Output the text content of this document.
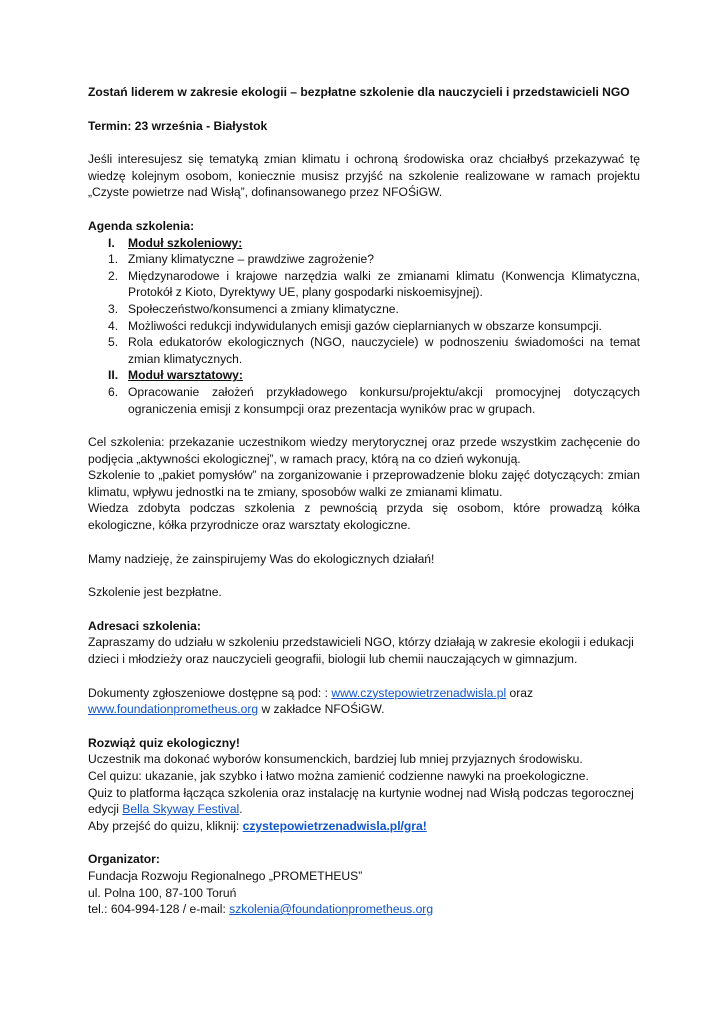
Zostań liderem w zakresie ekologii – bezpłatne szkolenie dla nauczycieli i przedstawicieli NGO

Termin: 23 września - Białystok

Jeśli interesujesz się tematyką zmian klimatu i ochroną środowiska oraz chciałbyś przekazywać tę wiedzę kolejnym osobom, koniecznie musisz przyjść na szkolenie realizowane w ramach projektu „Czyste powietrze nad Wisłą”, dofinansowanego przez NFOŚiGW.

Agenda szkolenia:

I.	Moduł szkoleniowy:
1. Zmiany klimatyczne – prawdziwe zagrożenie?
2. Międzynarodowe i krajowe narzędzia walki ze zmianami klimatu (Konwencja Klimatyczna, Protokół z Kioto, Dyrektywy UE, plany gospodarki niskoemisyjnej).
3. Społeczeństwo/konsumenci a zmiany klimatyczne.
4. Możliwości redukcji indywidulanych emisji gazów cieplarnianych w obszarze konsumpcji.
5. Rola edukatorów ekologicznych (NGO, nauczyciele) w podnoszeniu świadomości na temat zmian klimatycznych.
II. Moduł warsztatowy:
6. Opracowanie założeń przykładowego konkursu/projektu/akcji promocyjnej dotyczących ograniczenia emisji z konsumpcji oraz prezentacja wyników prac w grupach.

Cel szkolenia: przekazanie uczestnikom wiedzy merytorycznej oraz przede wszystkim zachęcenie do podjęcia „aktywności ekologicznej”, w ramach pracy, którą na co dzień wykonują.

Szkolenie to „pakiet pomysłów” na zorganizowanie i przeprowadzenie bloku zajęć dotyczących: zmian klimatu, wpływu jednostki na te zmiany, sposobów walki ze zmianami klimatu.

Wiedza zdobyta podczas szkolenia z pewnością przyda się osobom, które prowadzą kółka ekologiczne, kółka przyrodnicze oraz warsztaty ekologiczne.

Mamy nadzieję, że zainspirujemy Was do ekologicznych działań!

Szkolenie jest bezpłatne.

Adresaci szkolenia:

Zapraszamy do udziału w szkoleniu przedstawicieli NGO, którzy działają w zakresie ekologii i edukacji dzieci i młodzieży oraz nauczycieli geografii, biologii lub chemii nauczających w gimnazjum.

Dokumenty zgłoszeniowe dostępne są pod: : www.czystepowietrzenadwisla.pl oraz
www.foundationprometheus.org w zakładce NFOŚiGW.

Rozwiąż quiz ekologiczny!

Uczestnik ma dokonać wyborów konsumenckich, bardziej lub mniej przyjaznych środowisku.

Cel quizu: ukazanie, jak szybko i łatwo można zamienić codzienne nawyki na proekologiczne.

Quiz to platforma łącząca szkolenia oraz instalację na kurtynie wodnej nad Wisłą podczas tegorocznej edycji Bella Skyway Festival.

Aby przejść do quizu, kliknij: czystepowietrzenadwisla.pl/gra!

Organizator:

Fundacja Rozwoju Regionalnego „PROMETHEUS”

ul. Polna 100, 87-100 Toruń

tel.: 604-994-128 / e-mail: szkolenia@foundationprometheus.org
